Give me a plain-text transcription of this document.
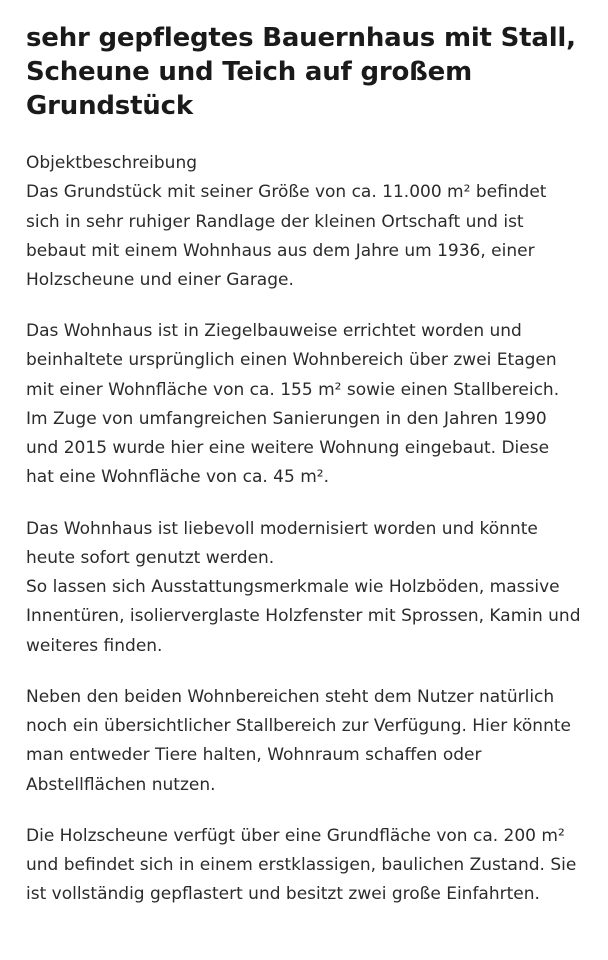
sehr gepflegtes Bauernhaus mit Stall, Scheune und Teich auf großem Grundstück

Objektbeschreibung

Das Grundstück mit seiner Größe von ca. 11.000 m² befindet sich in sehr ruhiger Randlage der kleinen Ortschaft und ist bebaut mit einem Wohnhaus aus dem Jahre um 1936, einer Holzscheune und einer Garage.

Das Wohnhaus ist in Ziegelbauweise errichtet worden und beinhaltete ursprünglich einen Wohnbereich über zwei Etagen mit einer Wohnfläche von ca. 155 m² sowie einen Stallbereich. Im Zuge von umfangreichen Sanierungen in den Jahren 1990 und 2015 wurde hier eine weitere Wohnung eingebaut. Diese hat eine Wohnfläche von ca. 45 m².

Das Wohnhaus ist liebevoll modernisiert worden und könnte heute sofort genutzt werden.
So lassen sich Ausstattungsmerkmale wie Holzböden, massive Innentüren, isolierverglaste Holzfenster mit Sprossen, Kamin und weiteres finden.

Neben den beiden Wohnbereichen steht dem Nutzer natürlich noch ein übersichtlicher Stallbereich zur Verfügung. Hier könnte man entweder Tiere halten, Wohnraum schaffen oder Abstellflächen nutzen.

Die Holzscheune verfügt über eine Grundfläche von ca. 200 m² und befindet sich in einem erstklassigen, baulichen Zustand. Sie ist vollständig gepflastert und besitzt zwei große Einfahrten.
